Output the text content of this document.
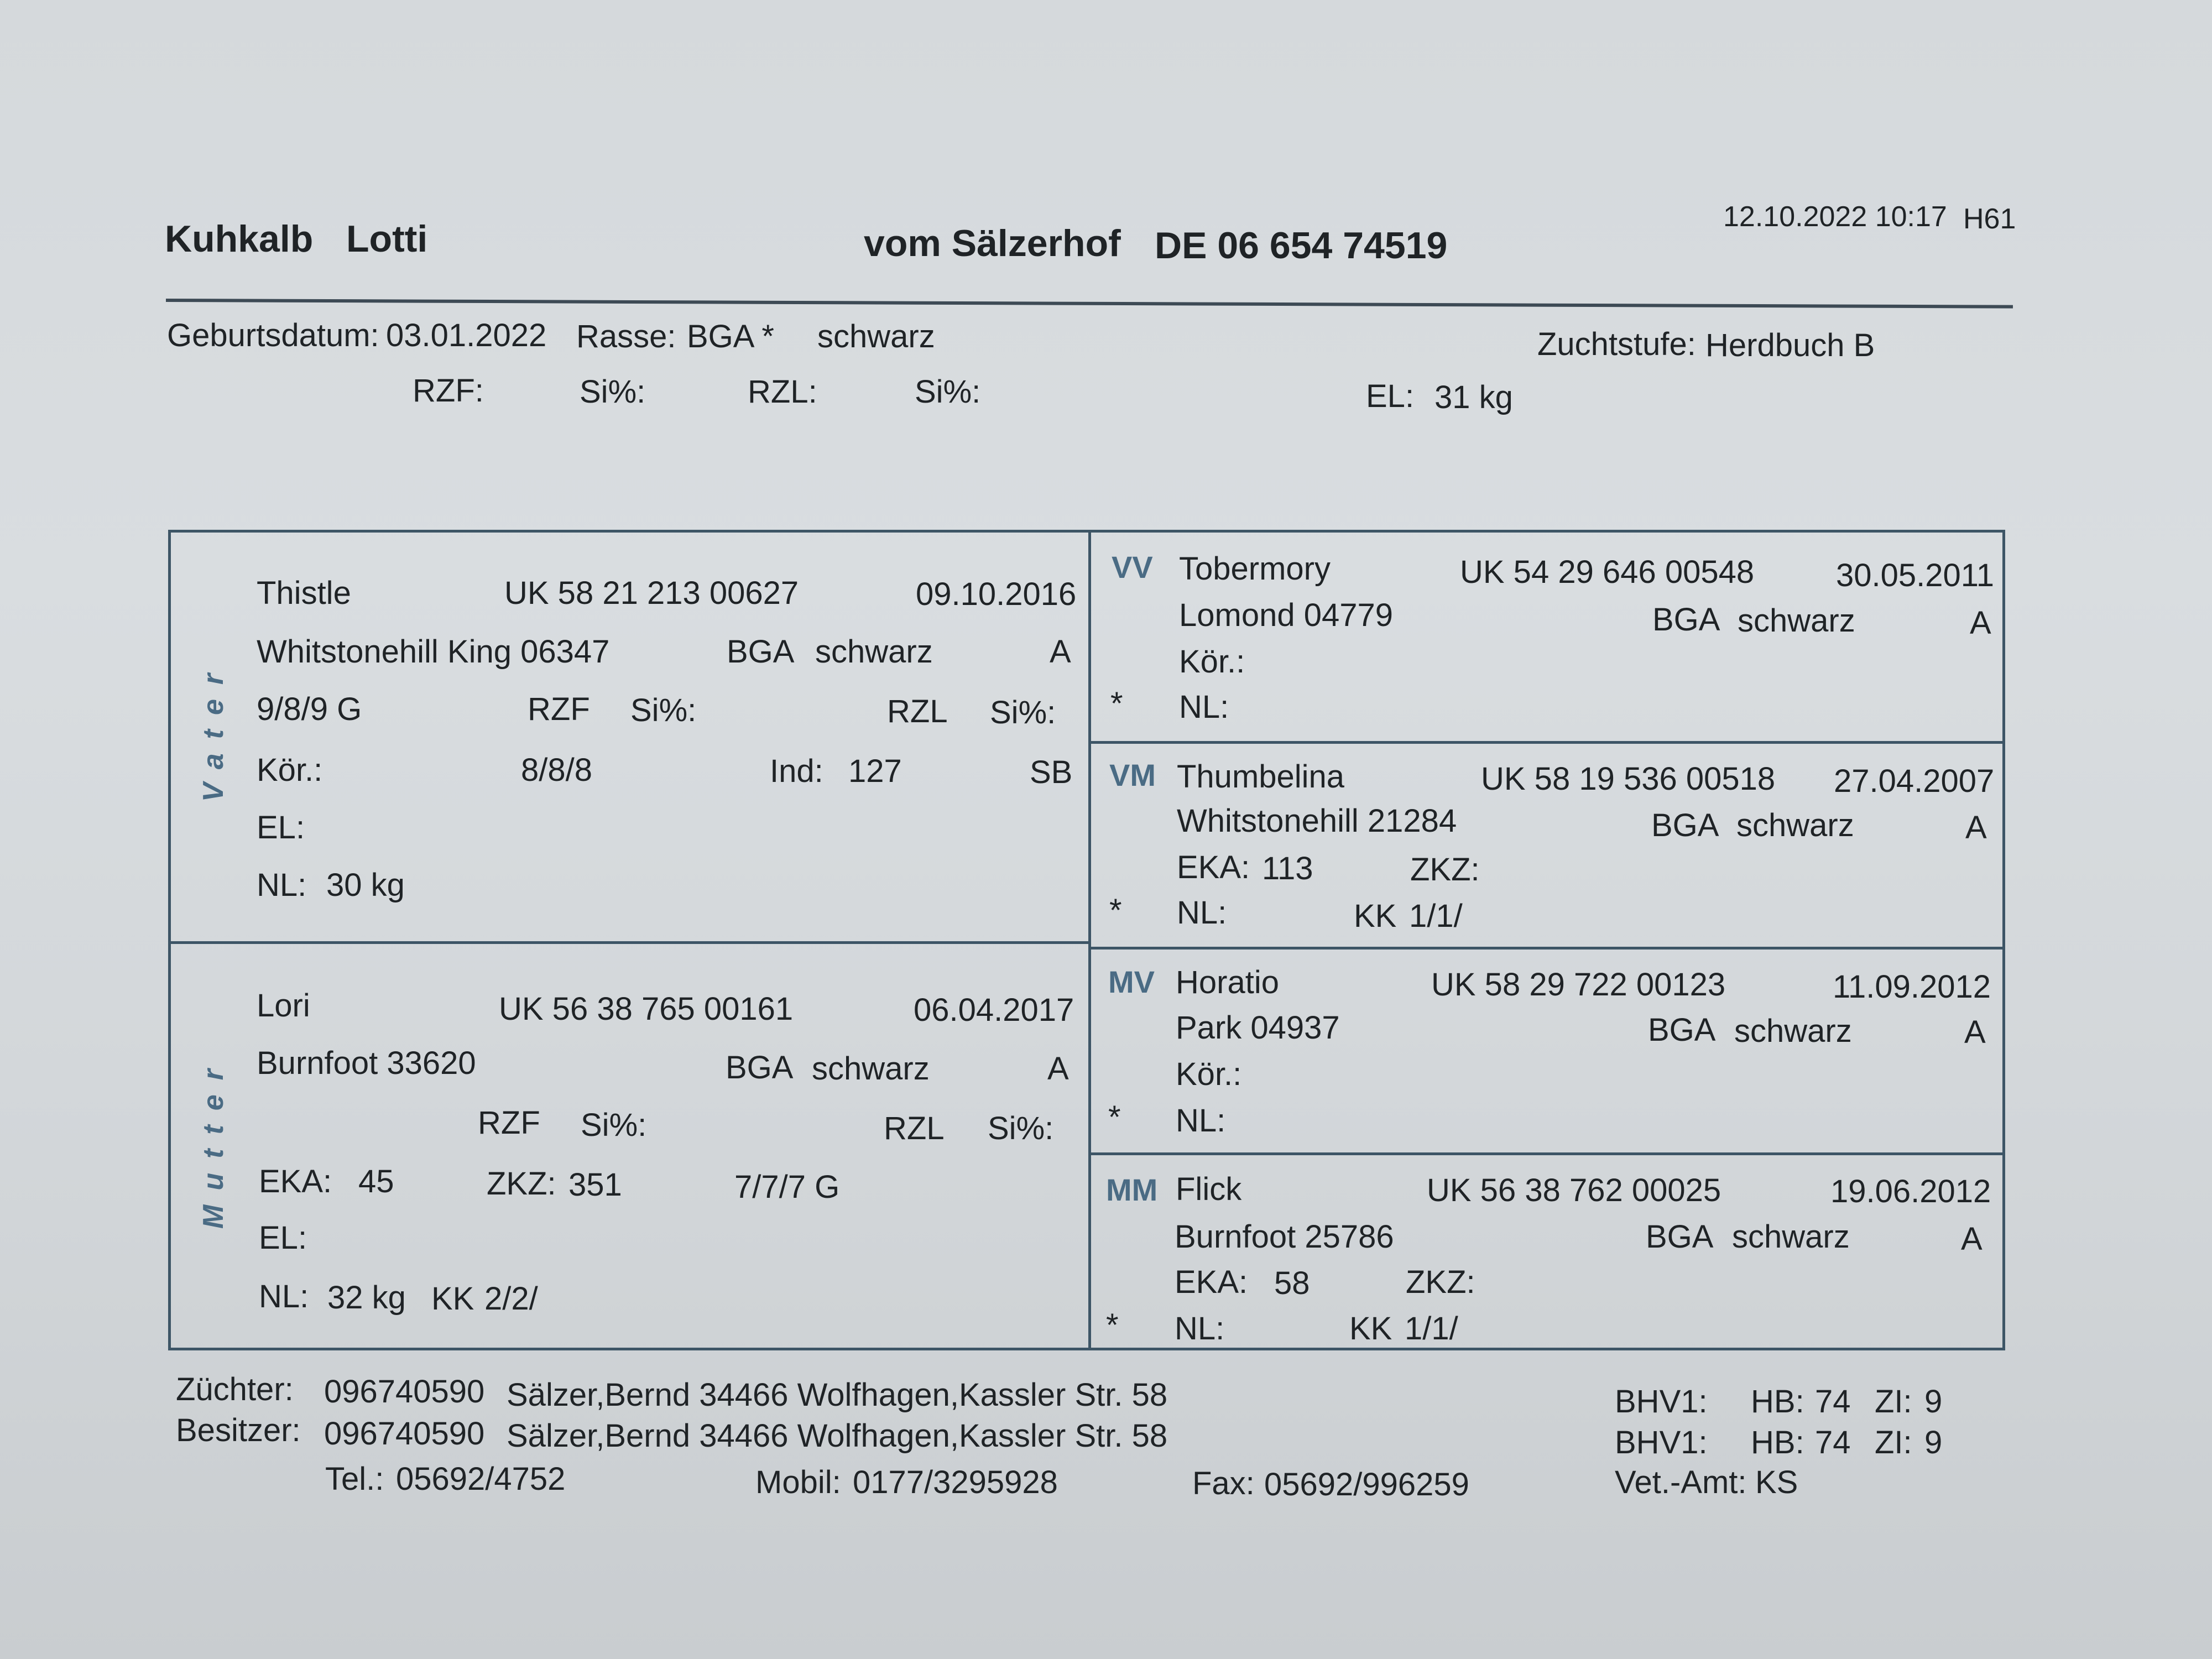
Kuhkalb Lotti	vom Sälzerhof DE 06 654 74519
12.10.2022 10:17 H61
Geburtsdatum: 03.01.2022 Rasse: BGA * schwarz	Zuchtstufe: Herdbuch B
RZF:	Si%:	RZL:	Si%:	EL: 31 kg
Vater
Thistle	UK 58 21 213 00627	09.10.2016
Whitstonehill King 06347	BGA schwarz	A
9/8/9 G	RZF Si%:	RZL Si%:
Kör.:	8/8/8	Ind: 127	SB
EL:
NL: 30 kg
Mutter
Lori	UK 56 38 765 00161	06.04.2017
Burnfoot 33620	BGA schwarz	A
RZF Si%:	RZL Si%:
EKA: 45	ZKZ: 351	7/7/7 G
EL:
NL: 32 kg KK 2/2/
VV Tobermory	UK 54 29 646 00548	30.05.2011
Lomond 04779	BGA schwarz	A
Kör.:
* NL:
VM Thumbelina	UK 58 19 536 00518 27.04.2007
Whitstonehill 21284	BGA schwarz	A
EKA: 113	ZKZ:
* NL:	KK 1/1/
MV Horatio	UK 58 29 722 00123	11.09.2012
Park 04937	BGA schwarz	A
Kör.:
* NL:
MM Flick	UK 56 38 762 00025	19.06.2012
Burnfoot 25786	BGA schwarz	A
EKA: 58	ZKZ:
* NL:	KK 1/1/
Züchter: 096740590 Sälzer,Bernd 34466 Wolfhagen,Kassler Str. 58
Besitzer: 096740590 Sälzer,Bernd 34466 Wolfhagen,Kassler Str. 58
Tel.: 05692/4752	Mobil: 0177/3295928	Fax: 05692/996259
BHV1: HB: 74 ZI: 9
BHV1: HB: 74 ZI: 9
Vet.-Amt: KS
